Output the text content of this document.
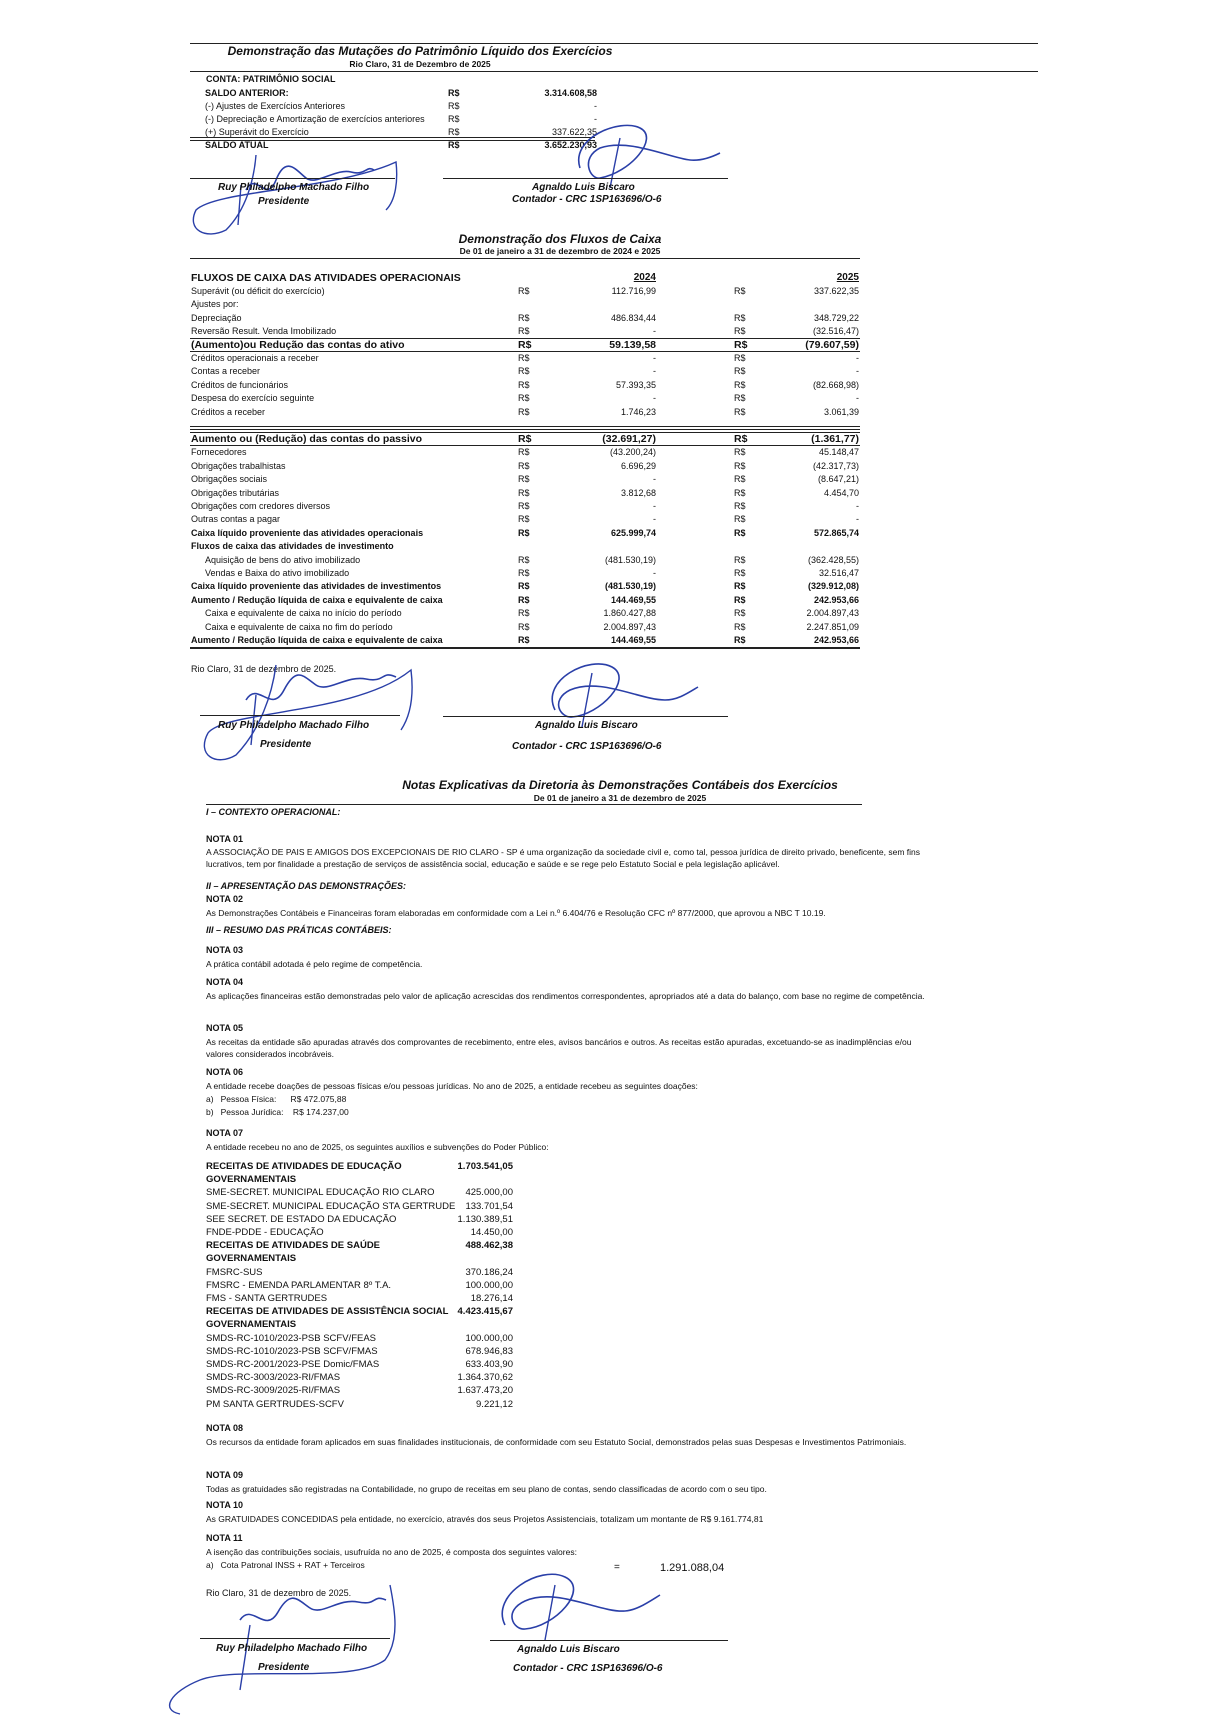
Demonstração das Mutações do Patrimônio Líquido dos Exercícios
Rio Claro, 31 de Dezembro de 2025
CONTA: PATRIMÔNIO SOCIAL
SALDO ANTERIOR:	R$	3.314.608,58
(-) Ajustes de Exercícios Anteriores	R$	-
(-) Depreciação e Amortização de exercícios anteriores	R$	-
(+) Superávit do Exercício	R$	337.622,35
SALDO ATUAL	R$	3.652.230,93
Ruy Philadelpho Machado Filho
Presidente
Agnaldo Luis Biscaro
Contador - CRC 1SP163696/O-6
Demonstração dos Fluxos de Caixa
De 01 de janeiro a 31 de dezembro de 2024 e 2025
FLUXOS DE CAIXA DAS ATIVIDADES OPERACIONAIS	2024	2025
Superávit (ou déficit do exercício)	R$	112.716,99	R$	337.622,35
Ajustes por:
Depreciação	R$	486.834,44	R$	348.729,22
Reversão Result. Venda Imobilizado	R$	-	R$	(32.516,47)
(Aumento)ou Redução das contas do ativo	R$	59.139,58	R$	(79.607,59)
Créditos operacionais a receber	R$	-	R$	-
Contas a receber	R$	-	R$	-
Créditos de funcionários	R$	57.393,35	R$	(82.668,98)
Despesa do exercício seguinte	R$	-	R$	-
Créditos a receber	R$	1.746,23	R$	3.061,39
Aumento ou (Redução) das contas do passivo	R$	(32.691,27)	R$	(1.361,77)
Fornecedores	R$	(43.200,24)	R$	45.148,47
Obrigações trabalhistas	R$	6.696,29	R$	(42.317,73)
Obrigações sociais	R$	-	R$	(8.647,21)
Obrigações tributárias	R$	3.812,68	R$	4.454,70
Obrigações com credores diversos	R$	-	R$	-
Outras contas a pagar	R$	-	R$	-
Caixa líquido proveniente das atividades operacionais	R$	625.999,74	R$	572.865,74
Fluxos de caixa das atividades de investimento
Aquisição de bens do ativo imobilizado	R$	(481.530,19)	R$	(362.428,55)
Vendas e Baixa do ativo imobilizado	R$	-	R$	32.516,47
Caixa líquido proveniente das atividades de investimentos	R$	(481.530,19)	R$	(329.912,08)
Aumento / Redução líquida de caixa e equivalente de caixa	R$	144.469,55	R$	242.953,66
Caixa e equivalente de caixa no início do período	R$	1.860.427,88	R$	2.004.897,43
Caixa e equivalente de caixa no fim do período	R$	2.004.897,43	R$	2.247.851,09
Aumento / Redução líquida de caixa e equivalente de caixa	R$	144.469,55	R$	242.953,66
Rio Claro, 31 de dezembro de 2025.
Ruy Philadelpho Machado Filho
Presidente
Agnaldo Luis Biscaro
Contador - CRC 1SP163696/O-6
Notas Explicativas da Diretoria às Demonstrações Contábeis dos Exercícios
De 01 de janeiro a 31 de dezembro de 2025
I – CONTEXTO OPERACIONAL:
NOTA 01
A ASSOCIAÇÃO DE PAIS E AMIGOS DOS EXCEPCIONAIS DE RIO CLARO - SP é uma organização da sociedade civil e, como tal, pessoa jurídica de direito privado, beneficente, sem fins lucrativos, tem por finalidade a prestação de serviços de assistência social, educação e saúde e se rege pelo Estatuto Social e pela legislação aplicável.
II – APRESENTAÇÃO DAS DEMONSTRAÇÕES:
NOTA 02
As Demonstrações Contábeis e Financeiras foram elaboradas em conformidade com a Lei n.º 6.404/76 e Resolução CFC nº 877/2000, que aprovou a NBC T 10.19.
III – RESUMO DAS PRÁTICAS CONTÁBEIS:
NOTA 03
A prática contábil adotada é pelo regime de competência.
NOTA 04
As aplicações financeiras estão demonstradas pelo valor de aplicação acrescidas dos rendimentos correspondentes, apropriados até a data do balanço, com base no regime de competência.
NOTA 05
As receitas da entidade são apuradas através dos comprovantes de recebimento, entre eles, avisos bancários e outros. As receitas estão apuradas, excetuando-se as inadimplências e/ou valores considerados incobráveis.
NOTA 06
A entidade recebe doações de pessoas físicas e/ou pessoas jurídicas. No ano de 2025, a entidade recebeu as seguintes doações:
a)   Pessoa Física:      R$ 472.075,88
b)   Pessoa Jurídica:    R$ 174.237,00
NOTA 07
A entidade recebeu no ano de 2025, os seguintes auxílios e subvenções do Poder Público:
RECEITAS DE ATIVIDADES DE EDUCAÇÃO	1.703.541,05
GOVERNAMENTAIS
SME-SECRET. MUNICIPAL EDUCAÇÃO RIO CLARO	425.000,00
SME-SECRET. MUNICIPAL EDUCAÇÃO STA GERTRUDE	133.701,54
SEE SECRET. DE ESTADO DA EDUCAÇÃO	1.130.389,51
FNDE-PDDE - EDUCAÇÃO	14.450,00
RECEITAS DE ATIVIDADES DE SAÚDE	488.462,38
GOVERNAMENTAIS
FMSRC-SUS	370.186,24
FMSRC - EMENDA PARLAMENTAR 8º T.A.	100.000,00
FMS - SANTA GERTRUDES	18.276,14
RECEITAS DE ATIVIDADES DE ASSISTÊNCIA SOCIAL 4.423.415,67
GOVERNAMENTAIS
SMDS-RC-1010/2023-PSB SCFV/FEAS	100.000,00
SMDS-RC-1010/2023-PSB SCFV/FMAS	678.946,83
SMDS-RC-2001/2023-PSE Domic/FMAS	633.403,90
SMDS-RC-3003/2023-RI/FMAS	1.364.370,62
SMDS-RC-3009/2025-RI/FMAS	1.637.473,20
PM SANTA GERTRUDES-SCFV	9.221,12
NOTA 08
Os recursos da entidade foram aplicados em suas finalidades institucionais, de conformidade com seu Estatuto Social, demonstrados pelas suas Despesas e Investimentos Patrimoniais.
NOTA 09
Todas as gratuidades são registradas na Contabilidade, no grupo de receitas em seu plano de contas, sendo classificadas de acordo com o seu tipo.
NOTA 10
As GRATUIDADES CONCEDIDAS pela entidade, no exercício, através dos seus Projetos Assistenciais, totalizam um montante de R$ 9.161.774,81
NOTA 11
A isenção das contribuições sociais, usufruída no ano de 2025, é composta dos seguintes valores:
a)   Cota Patronal INSS + RAT + Terceiros	=	1.291.088,04
Rio Claro, 31 de dezembro de 2025.
Ruy Philadelpho Machado Filho
Presidente
Agnaldo Luis Biscaro
Contador - CRC 1SP163696/O-6
